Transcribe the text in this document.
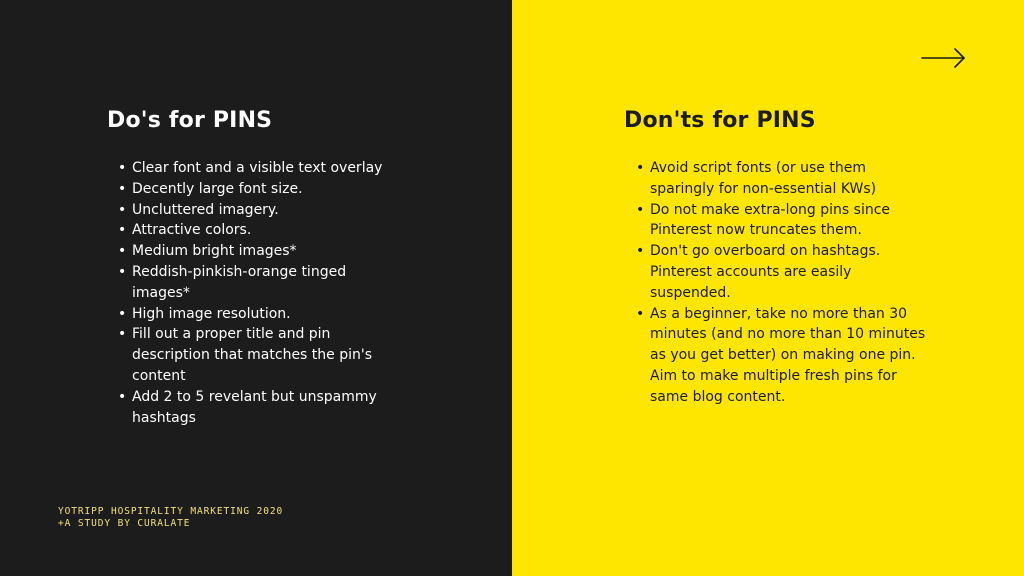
Do's for PINS
• Clear font and a visible text overlay
• Decently large font size.
• Uncluttered imagery.
• Attractive colors.
• Medium bright images*
• Reddish-pinkish-orange tinged images*
• High image resolution.
• Fill out a proper title and pin description that matches the pin's content
• Add 2 to 5 revelant but unspammy hashtags
YOTRIPP HOSPITALITY MARKETING 2020
+A STUDY BY CURALATE
Don'ts for PINS
• Avoid script fonts (or use them sparingly for non-essential KWs)
• Do not make extra-long pins since Pinterest now truncates them.
• Don't go overboard on hashtags. Pinterest accounts are easily suspended.
• As a beginner, take no more than 30 minutes (and no more than 10 minutes as you get better) on making one pin. Aim to make multiple fresh pins for same blog content.
